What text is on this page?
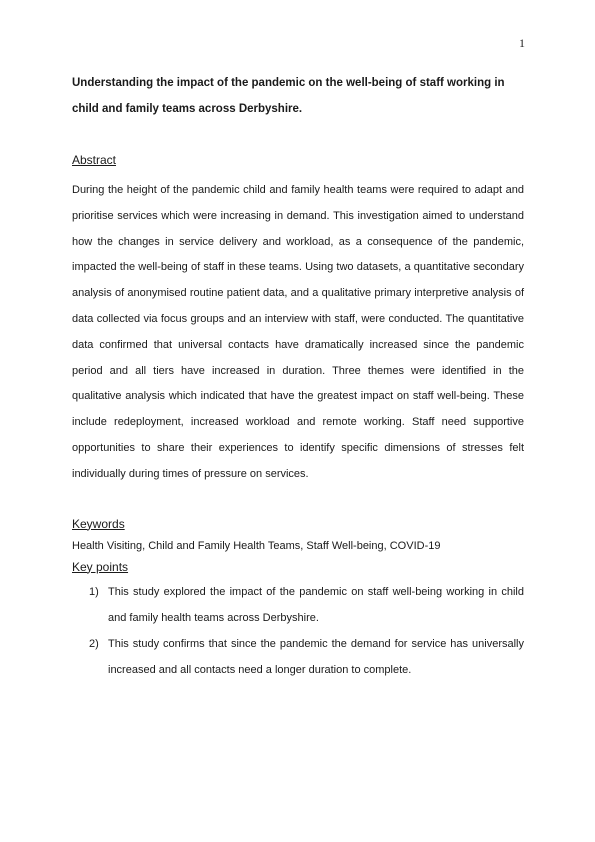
1
Understanding the impact of the pandemic on the well-being of staff working in child and family teams across Derbyshire.
Abstract

During the height of the pandemic child and family health teams were required to adapt and prioritise services which were increasing in demand. This investigation aimed to understand how the changes in service delivery and workload, as a consequence of the pandemic, impacted the well-being of staff in these teams. Using two datasets, a quantitative secondary analysis of anonymised routine patient data, and a qualitative primary interpretive analysis of data collected via focus groups and an interview with staff, were conducted. The quantitative data confirmed that universal contacts have dramatically increased since the pandemic period and all tiers have increased in duration. Three themes were identified in the qualitative analysis which indicated that have the greatest impact on staff well-being. These include redeployment, increased workload and remote working. Staff need supportive opportunities to share their experiences to identify specific dimensions of stresses felt individually during times of pressure on services.

Keywords

Health Visiting, Child and Family Health Teams, Staff Well-being, COVID-19

Key points
1) This study explored the impact of the pandemic on staff well-being working in child and family health teams across Derbyshire.
2) This study confirms that since the pandemic the demand for service has universally increased and all contacts need a longer duration to complete.
